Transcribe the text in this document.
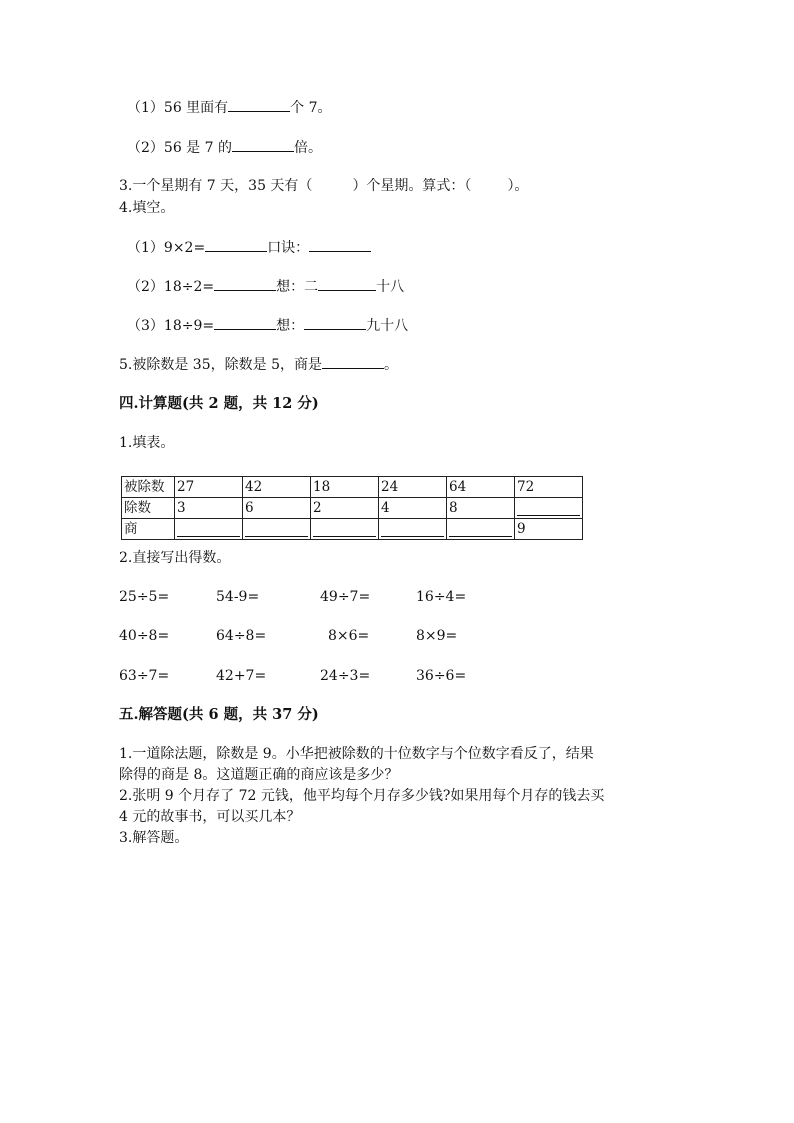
（1）56 里面有	个 7。
（2）56 是 7 的	倍。
3.一个星期有 7 天，35 天有（	）个星期。算式：（	）。
4.填空。
（1）9×2=	口诀：
（2）18÷2=	想：二	十八
（3）18÷9=	想：	九十八
5.被除数是 35，除数是 5，商是	。
四.计算题(共 2 题，共 12 分)
1.填表。
被除数	27	42	18	24	64	72
除数	3	6	2	4	8	

商						9
2.直接写出得数。
25÷5=	54-9=	49÷7=	16÷4=
40÷8=	64÷8=	8×6=	8×9=
63÷7=	42+7=	24÷3=	36÷6=
五.解答题(共 6 题，共 37 分)
1.一道除法题，除数是 9。小华把被除数的十位数字与个位数字看反了，结果
除得的商是 8。这道题正确的商应该是多少？
2.张明 9 个月存了 72 元钱，他平均每个月存多少钱?如果用每个月存的钱去买
4 元的故事书，可以买几本？
3.解答题。
